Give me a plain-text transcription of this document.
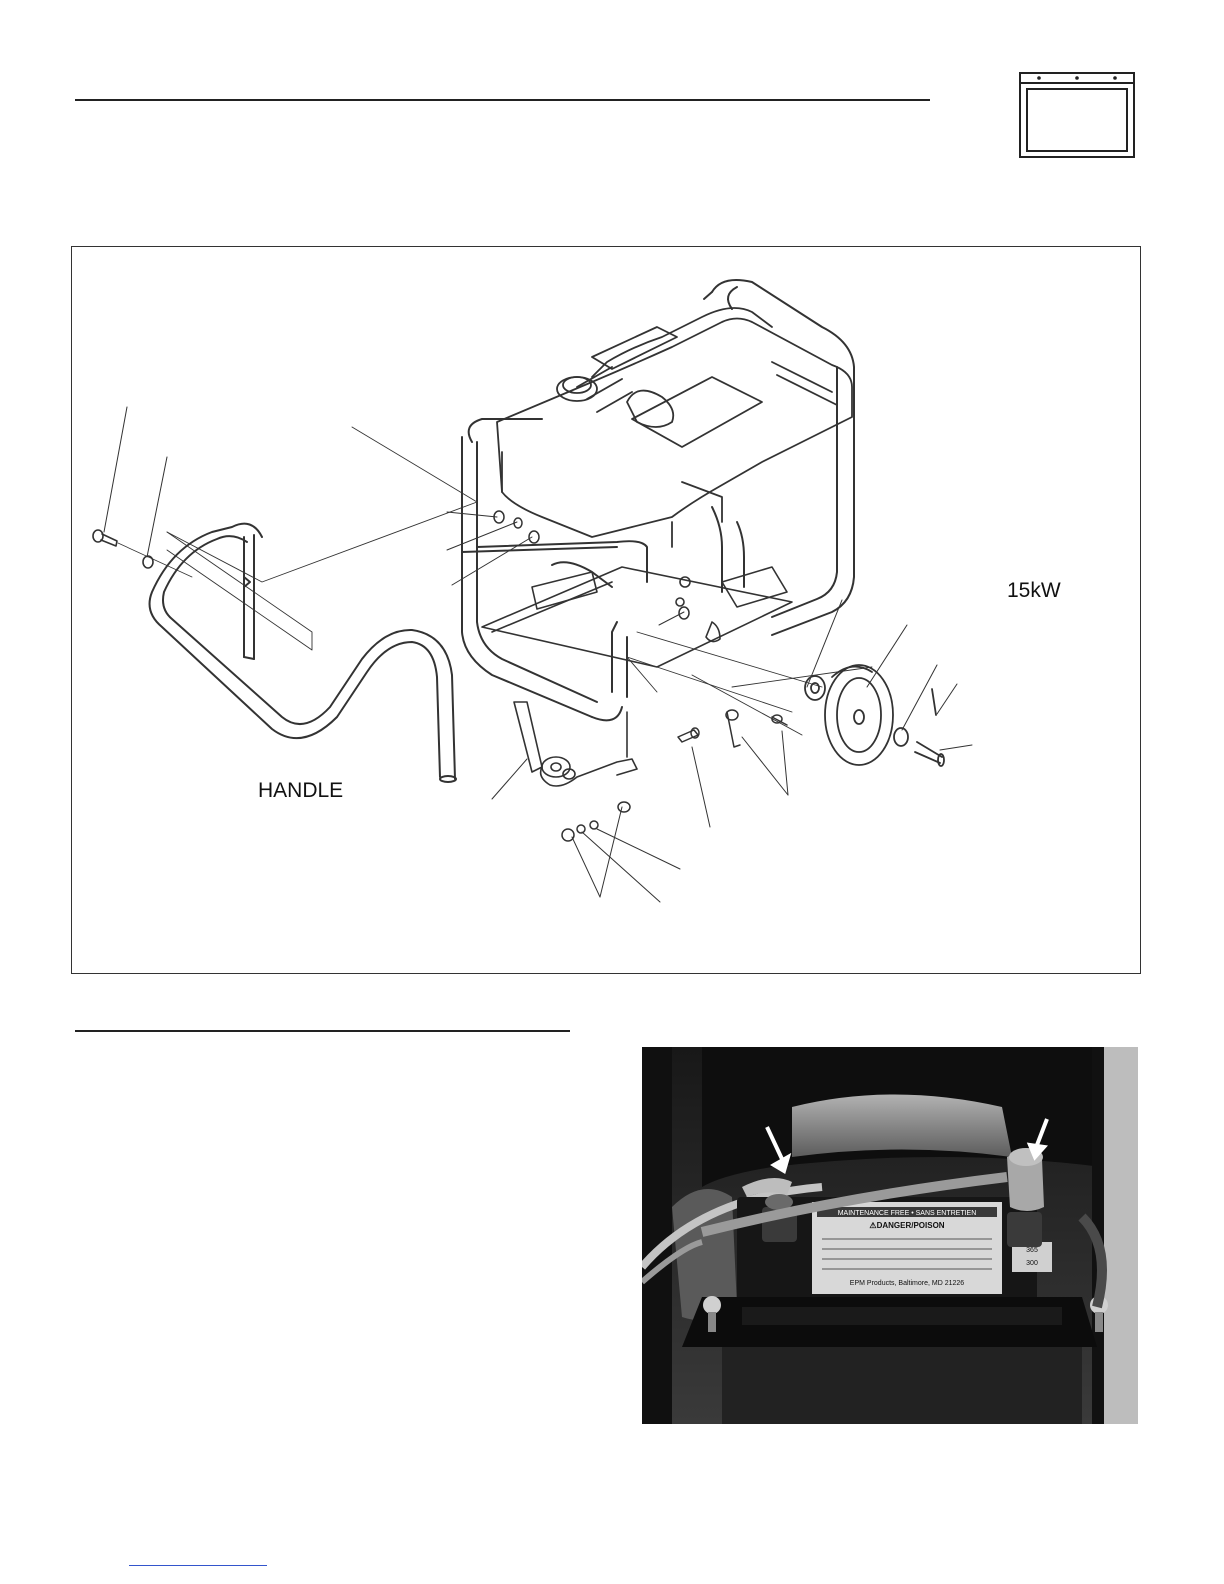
15kW
HANDLE
MAINTENANCE FREE • SANS ENTRETIEN
⚠DANGER/POISON
365
300
EPM Products, Baltimore, MD 21226
